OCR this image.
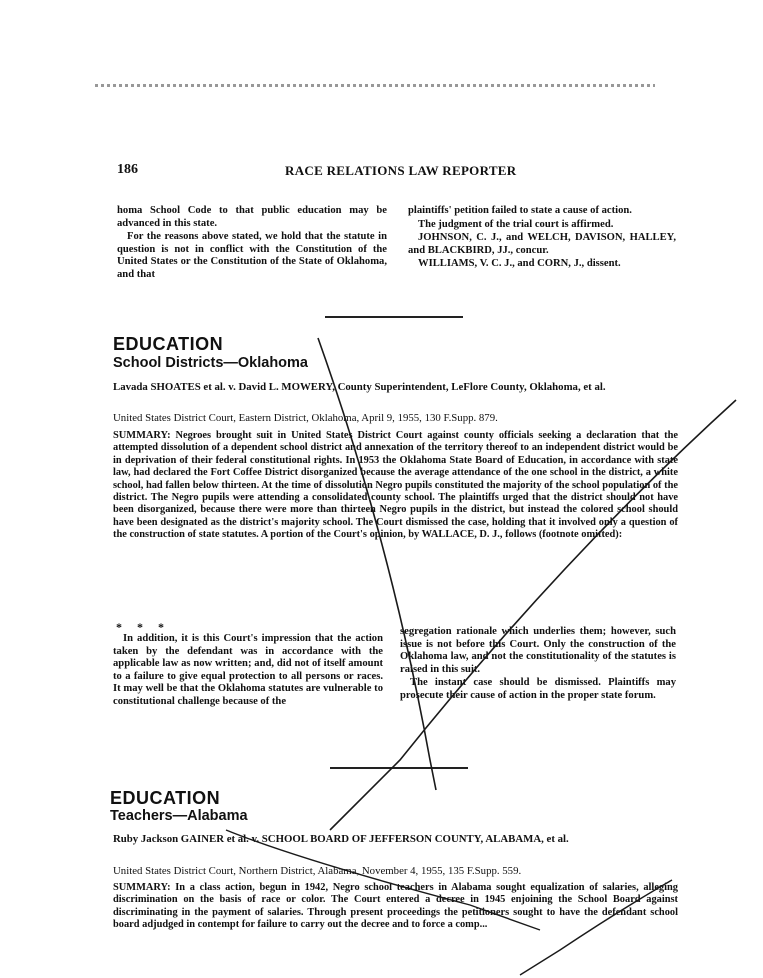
186	RACE RELATIONS LAW REPORTER

homa School Code to that public education may be advanced in this state.

For the reasons above stated, we hold that the statute in question is not in conflict with the Constitution of the United States or the Constitution of the State of Oklahoma, and that

plaintiffs' petition failed to state a cause of action.

The judgment of the trial court is affirmed.

JOHNSON, C. J., and WELCH, DAVISON, HALLEY, and BLACKBIRD, JJ., concur.

WILLIAMS, V. C. J., and CORN, J., dissent.

EDUCATION
School Districts—Oklahoma
Lavada SHOATES et al. v. David L. MOWERY, County Superintendent, LeFlore County, Oklahoma, et al.
United States District Court, Eastern District, Oklahoma, April 9, 1955, 130 F.Supp. 879.
SUMMARY: Negroes brought suit in United States District Court against county officials seeking a declaration that the attempted dissolution of a dependent school district and annexation of the territory thereof to an independent district would be in deprivation of their federal constitutional rights. In 1953 the Oklahoma State Board of Education, in accordance with state law, had declared the Fort Coffee District disorganized because the average attendance of the one school in the district, a white school, had fallen below thirteen. At the time of dissolution Negro pupils constituted the majority of the school population of the district. The Negro pupils were attending a consolidated county school. The plaintiffs urged that the district should not have been disorganized, because there were more than thirteen Negro pupils in the district, but instead the colored school should have been designated as the district's majority school. The Court dismissed the case, holding that it involved only a question of the construction of state statutes. A portion of the Court's opinion, by WALLACE, D. J., follows (footnote omitted):
* * *

In addition, it is this Court's impression that the action taken by the defendant was in accordance with the applicable law as now written; and, did not of itself amount to a failure to give equal protection to all persons or races. It may well be that the Oklahoma statutes are vulnerable to constitutional challenge because of the

segregation rationale which underlies them; however, such issue is not before this Court. Only the construction of the Oklahoma law, and not the constitutionality of the statutes is raised in this suit.

The instant case should be dismissed. Plaintiffs may prosecute their cause of action in the proper state forum.

EDUCATION
Teachers—Alabama
Ruby Jackson GAINER et al. v. SCHOOL BOARD OF JEFFERSON COUNTY, ALABAMA, et al.
United States District Court, Northern District, Alabama, November 4, 1955, 135 F.Supp. 559.
SUMMARY: In a class action, begun in 1942, Negro school teachers in Alabama sought equalization of salaries, alleging discrimination on the basis of race or color. The Court entered a decree in 1945 enjoining the School Board against discriminating in the payment of salaries. Through present proceedings the petitioners sought to have the defendant school board adjudged in contempt for failure to carry out the decree and to force a comp...
